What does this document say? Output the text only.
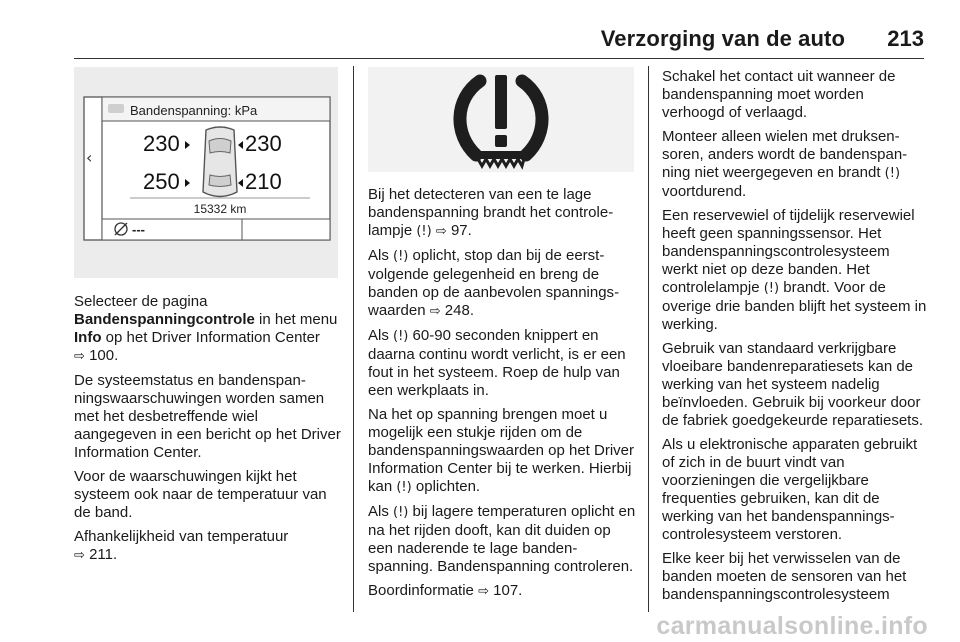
Verzorging van de auto 213
‹
Bandenspanning: kPa
230	230
250	210
15332 km
---

Selecteer de pagina
Bandenspanningcontrole in het menu
Info op het Driver Information Center
⇨ 100.

De systeemstatus en bandenspanningswaarschuwingen worden samen met het desbetreffende wiel aangegeven in een bericht op het Driver Information Center.

Voor de waarschuwingen kijkt het systeem ook naar de temperatuur van de band.

Afhankelijkheid van temperatuur
⇨ 211.

Bij het detecteren van een te lage bandenspanning brandt het controlelampje (!) ⇨ 97.

Als (!) oplicht, stop dan bij de eerstvolgende gelegenheid en breng de banden op de aanbevolen spanningswaarden ⇨ 248.

Als (!) 60-90 seconden knippert en daarna continu wordt verlicht, is er een fout in het systeem. Roep de hulp van een werkplaats in.

Na het op spanning brengen moet u mogelijk een stukje rijden om de bandenspanningswaarden op het Driver Information Center bij te werken. Hierbij kan (!) oplichten.

Als (!) bij lagere temperaturen oplicht en na het rijden dooft, kan dit duiden op een naderende te lage bandenspanning. Bandenspanning controleren.

Boordinformatie ⇨ 107.

Schakel het contact uit wanneer de bandenspanning moet worden verhoogd of verlaagd.

Monteer alleen wielen met druksensoren, anders wordt de bandenspanning niet weergegeven en brandt (!) voortdurend.

Een reservewiel of tijdelijk reservewiel heeft geen spanningssensor. Het bandenspanningscontrolesysteem werkt niet op deze banden. Het controlelampje (!) brandt. Voor de overige drie banden blijft het systeem in werking.

Gebruik van standaard verkrijgbare vloeibare bandenreparatiesets kan de werking van het systeem nadelig beïnvloeden. Gebruik bij voorkeur door de fabriek goedgekeurde reparatiesets.

Als u elektronische apparaten gebruikt of zich in de buurt vindt van voorzieningen die vergelijkbare frequenties gebruiken, kan dit de werking van het bandenspanningscontrolesysteem verstoren.

Elke keer bij het verwisselen van de banden moeten de sensoren van het bandenspanningscontrolesysteem

carmanualsonline.info
